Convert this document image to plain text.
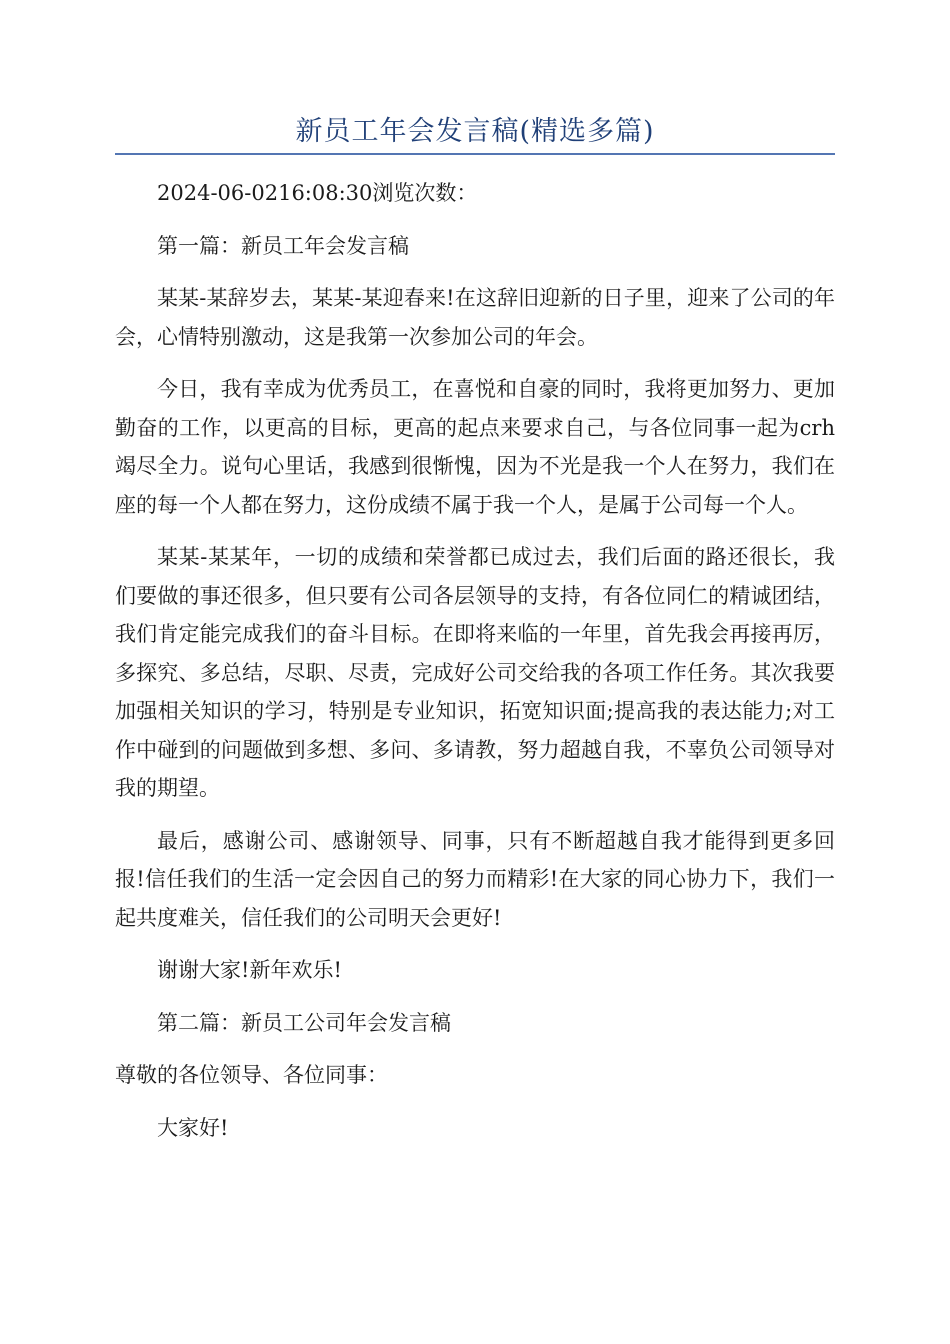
新员工年会发言稿(精选多篇)

2024-06-0216:08:30浏览次数：

第一篇：新员工年会发言稿

某某-某辞岁去，某某-某迎春来!在这辞旧迎新的日子里，迎来了公司的年会，心情特别激动，这是我第一次参加公司的年会。

今日，我有幸成为优秀员工，在喜悦和自豪的同时，我将更加努力、更加勤奋的工作，以更高的目标，更高的起点来要求自己，与各位同事一起为crh竭尽全力。说句心里话，我感到很惭愧，因为不光是我一个人在努力，我们在座的每一个人都在努力，这份成绩不属于我一个人，是属于公司每一个人。

某某-某某年，一切的成绩和荣誉都已成过去，我们后面的路还很长，我们要做的事还很多，但只要有公司各层领导的支持，有各位同仁的精诚团结，我们肯定能完成我们的奋斗目标。在即将来临的一年里，首先我会再接再厉，多探究、多总结，尽职、尽责，完成好公司交给我的各项工作任务。其次我要加强相关知识的学习，特别是专业知识，拓宽知识面;提高我的表达能力;对工作中碰到的问题做到多想、多问、多请教，努力超越自我，不辜负公司领导对我的期望。

最后，感谢公司、感谢领导、同事，只有不断超越自我才能得到更多回报!信任我们的生活一定会因自己的努力而精彩!在大家的同心协力下，我们一起共度难关，信任我们的公司明天会更好!

谢谢大家!新年欢乐!

第二篇：新员工公司年会发言稿

尊敬的各位领导、各位同事：

大家好!
